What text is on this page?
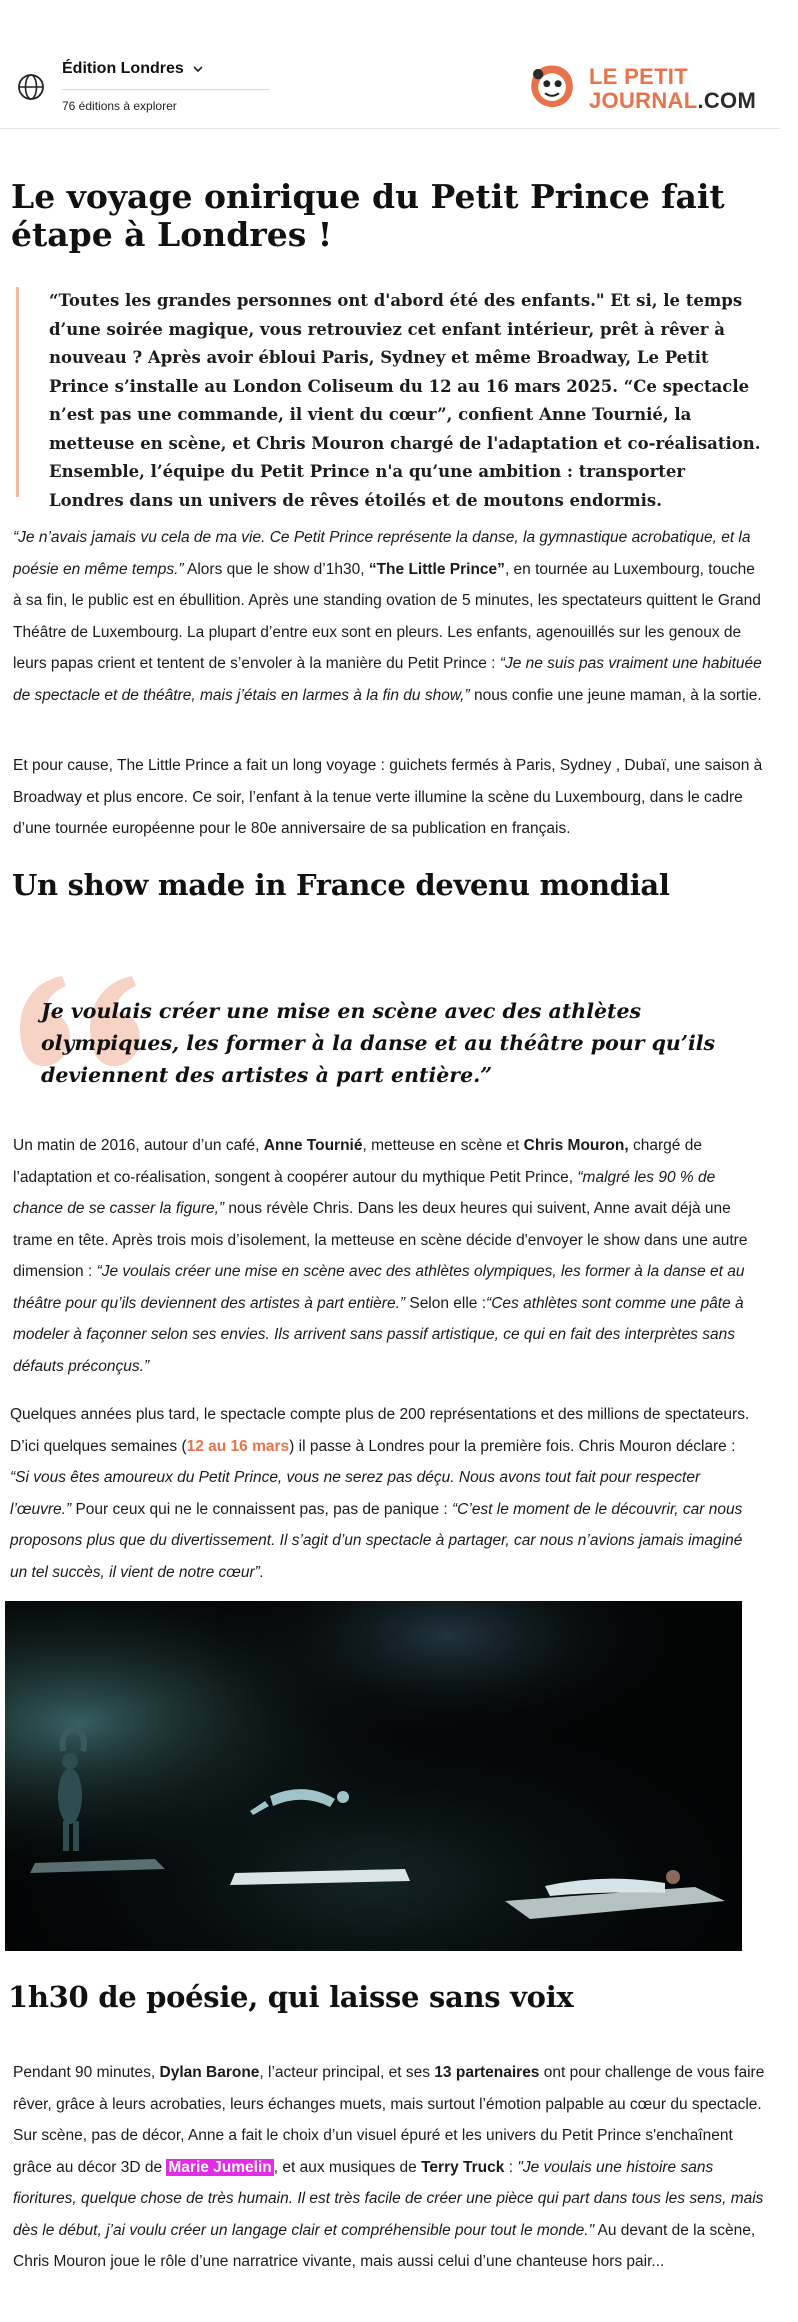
Édition Londres
76 éditions à explorer
LE PETIT
JOURNAL.COM
Le voyage onirique du Petit Prince fait étape à Londres !

“Toutes les grandes personnes ont d'abord été des enfants." Et si, le temps d’une soirée magique, vous retrouviez cet enfant intérieur, prêt à rêver à nouveau ? Après avoir ébloui Paris, Sydney et même Broadway, Le Petit Prince s’installe au London Coliseum du 12 au 16 mars 2025. “Ce spectacle n’est pas une commande, il vient du cœur”, confient Anne Tournié, la metteuse en scène, et Chris Mouron chargé de l'adaptation et co-réalisation. Ensemble, l’équipe du Petit Prince n'a qu’une ambition : transporter Londres dans un univers de rêves étoilés et de moutons endormis.

“Je n’avais jamais vu cela de ma vie. Ce Petit Prince représente la danse, la gymnastique acrobatique, et la poésie en même temps.” Alors que le show d’1h30, “The Little Prince”, en tournée au Luxembourg, touche à sa fin, le public est en ébullition. Après une standing ovation de 5 minutes, les spectateurs quittent le Grand Théâtre de Luxembourg. La plupart d’entre eux sont en pleurs. Les enfants, agenouillés sur les genoux de leurs papas crient et tentent de s’envoler à la manière du Petit Prince : “Je ne suis pas vraiment une habituée de spectacle et de théâtre, mais j’étais en larmes à la fin du show,” nous confie une jeune maman, à la sortie.

Et pour cause, The Little Prince a fait un long voyage : guichets fermés à Paris, Sydney , Dubaï, une saison à Broadway et plus encore. Ce soir, l’enfant à la tenue verte illumine la scène du Luxembourg, dans le cadre d’une tournée européenne pour le 80e anniversaire de sa publication en français.

Un show made in France devenu mondial

Je voulais créer une mise en scène avec des athlètes olympiques, les former à la danse et au théâtre pour qu’ils deviennent des artistes à part entière.”

Un matin de 2016, autour d’un café, Anne Tournié, metteuse en scène et Chris Mouron, chargé de l’adaptation et co-réalisation, songent à coopérer autour du mythique Petit Prince, “malgré les 90 % de chance de se casser la figure,” nous révèle Chris. Dans les deux heures qui suivent, Anne avait déjà une trame en tête. Après trois mois d’isolement, la metteuse en scène décide d'envoyer le show dans une autre dimension : “Je voulais créer une mise en scène avec des athlètes olympiques, les former à la danse et au théâtre pour qu’ils deviennent des artistes à part entière.” Selon elle :“Ces athlètes sont comme une pâte à modeler à façonner selon ses envies. Ils arrivent sans passif artistique, ce qui en fait des interprètes sans défauts préconçus.”

Quelques années plus tard, le spectacle compte plus de 200 représentations et des millions de spectateurs. D’ici quelques semaines (12 au 16 mars) il passe à Londres pour la première fois. Chris Mouron déclare : “Si vous êtes amoureux du Petit Prince, vous ne serez pas déçu. Nous avons tout fait pour respecter l’œuvre.” Pour ceux qui ne le connaissent pas, pas de panique : “C’est le moment de le découvrir, car nous proposons plus que du divertissement. Il s’agit d’un spectacle à partager, car nous n’avions jamais imaginé un tel succès, il vient de notre cœur”.

1h30 de poésie, qui laisse sans voix

Pendant 90 minutes, Dylan Barone, l’acteur principal, et ses 13 partenaires ont pour challenge de vous faire rêver, grâce à leurs acrobaties, leurs échanges muets, mais surtout l’émotion palpable au cœur du spectacle. Sur scène, pas de décor, Anne a fait le choix d’un visuel épuré et les univers du Petit Prince s'enchaînent grâce au décor 3D de Marie Jumelin , et aux musiques de Terry Truck : "Je voulais une histoire sans fioritures, quelque chose de très humain. Il est très facile de créer une pièce qui part dans tous les sens, mais dès le début, j’ai voulu créer un langage clair et compréhensible pour tout le monde." Au devant de la scène, Chris Mouron joue le rôle d’une narratrice vivante, mais aussi celui d’une chanteuse hors pair...
